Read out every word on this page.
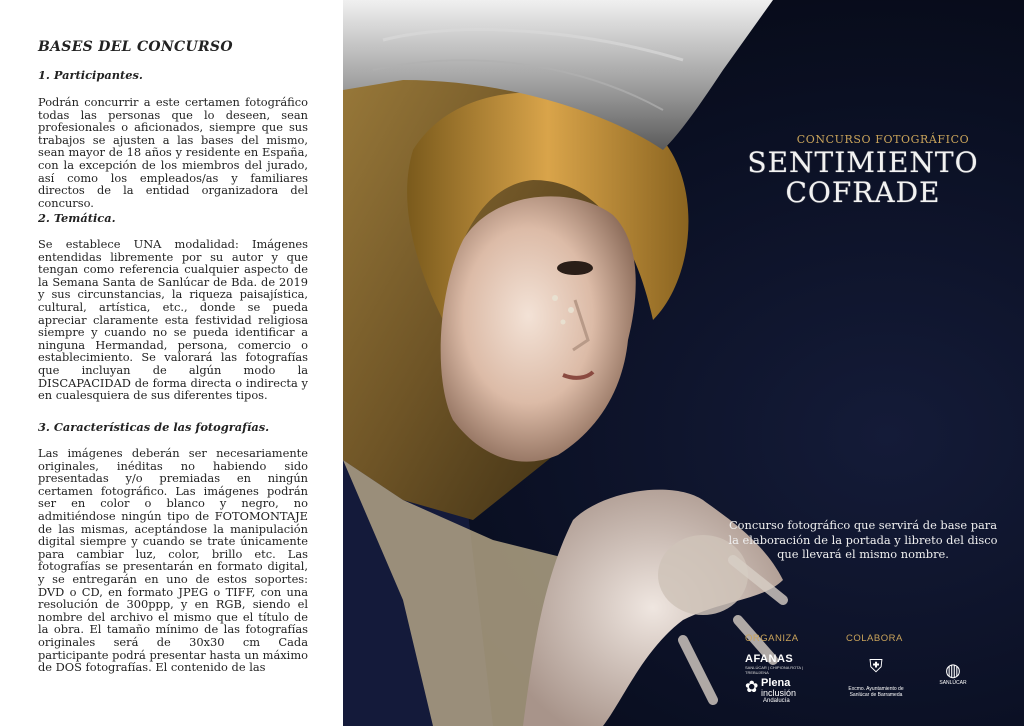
BASES DEL CONCURSO

1. Participantes.

Podrán concurrir a este certamen fotográfico todas las personas que lo deseen, sean profesionales o aficionados, siempre que sus trabajos se ajusten a las bases del mismo, sean mayor de 18 años y residente en España, con la excepción de los miembros del jurado, así como los empleados/as y familiares directos de la entidad organizadora del concurso.

2. Temática.

Se establece UNA modalidad: Imágenes entendidas libremente por su autor y que tengan como referencia cualquier aspecto de la Semana Santa de Sanlúcar de Bda. de 2019 y sus circunstancias, la riqueza paisajística, cultural, artística, etc., donde se pueda apreciar claramente esta festividad religiosa siempre y cuando no se pueda identificar a ninguna Hermandad, persona, comercio o establecimiento. Se valorará las fotografías que incluyan de algún modo la DISCAPACIDAD de forma directa o indirecta y en cualesquiera de sus diferentes tipos.

3. Características de las fotografías.

Las imágenes deberán ser necesariamente originales, inéditas no habiendo sido presentadas y/o premiadas en ningún certamen fotográfico. Las imágenes podrán ser en color o blanco y negro, no admitiéndose ningún tipo de FOTOMONTAJE de las mismas, aceptándose la manipulación digital siempre y cuando se trate únicamente para cambiar luz, color, brillo etc. Las fotografías se presentarán en formato digital, y se entregarán en uno de estos soportes: DVD o CD, en formato JPEG o TIFF, con una resolución de 300ppp, y en RGB, siendo el nombre del archivo el mismo que el título de la obra. El tamaño mínimo de las fotografías originales será de 30x30 cm Cada participante podrá presentar hasta un máximo de DOS fotografías. El contenido de las

CONCURSO FOTOGRÁFICO
SENTIMIENTO
COFRADE
Concurso fotográfico que servirá de base para la elaboración de la portada y libreto del disco que llevará el mismo nombre.
ORGANIZA	COLABORA
AFANAS
SANLÚCAR | CHIPIONA ROTA | TREBUJENA
✿ Plena
inclusión
Andalucía
⛨
Excmo. Ayuntamiento de
Sanlúcar de Barrameda
◍
SANLÚCAR
